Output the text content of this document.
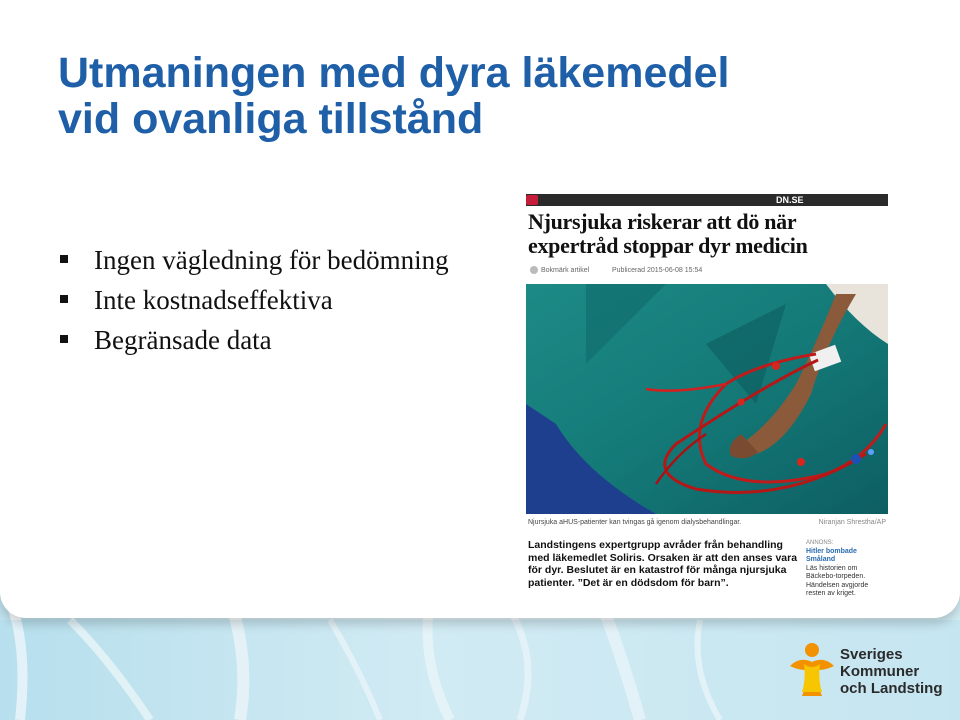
Utmaningen med dyra läkemedel
vid ovanliga tillstånd
Ingen vägledning för bedömning
Inte kostnadseffektiva
Begränsade data
DN.SE
Njursjuka riskerar att dö när expertråd stoppar dyr medicin
Bokmärk artikel	Publicerad 2015-06-08 15:54
Njursjuka aHUS-patienter kan tvingas gå igenom dialysbehandlingar.	Niranjan Shrestha/AP
Landstingens expertgrupp avråder från behandling med läkemedlet Soliris. Orsaken är att den anses vara för dyr. Beslutet är en katastrof för många njursjuka patienter. ”Det är en dödsdom för barn”.
ANNONS:
Hitler bombade Småland
Läs historien om Bäckebo-torpeden. Händelsen avgjorde resten av kriget.
Sveriges
Kommuner
och Landsting
